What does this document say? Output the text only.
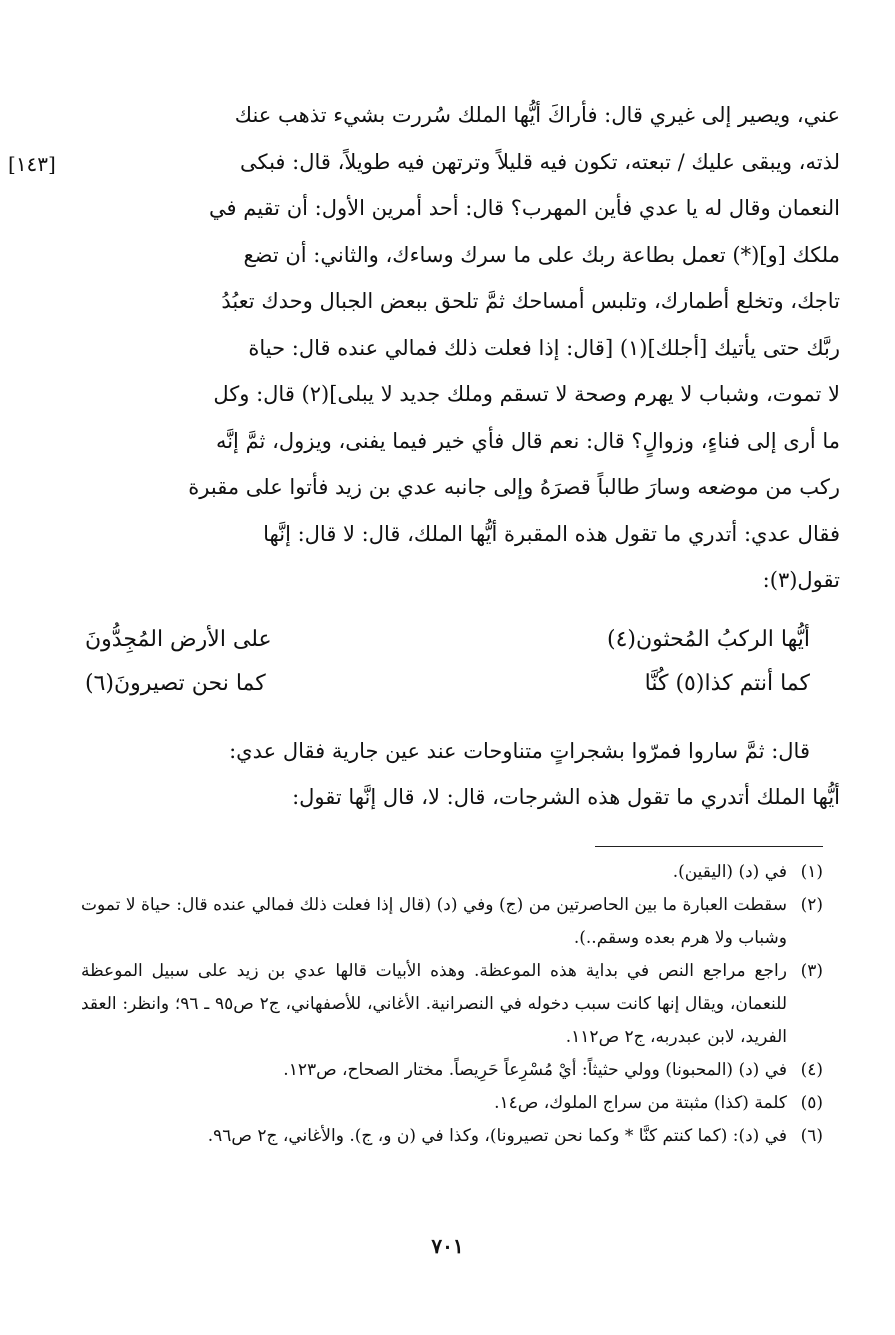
[١٤٣]

عني، ويصير إلى غيري قال: فأراكَ أيُّها الملك سُررت بشيء تذهب عنك

لذته، ويبقى عليك / تبعته، تكون فيه قليلاً وترتهن فيه طويلاً، قال: فبكى

النعمان وقال له يا عدي فأين المهرب؟ قال: أحد أمرين الأول: أن تقيم في

ملكك [و](*) تعمل بطاعة ربك على ما سرك وساءك، والثاني: أن تضع

تاجك، وتخلع أطمارك، وتلبس أمساحك ثمَّ تلحق ببعض الجبال وحدك تعبُدُ

ربَّك حتى يأتيك [أجلك](١) [قال: إذا فعلت ذلك فمالي عنده قال: حياة

لا تموت، وشباب لا يهرم وصحة لا تسقم وملك جديد لا يبلى](٢) قال: وكل

ما أرى إلى فناءٍ، وزوالٍ؟ قال: نعم قال فأي خير فيما يفنى، ويزول، ثمَّ إنَّه

ركب من موضعه وسارَ طالباً قصرَهُ وإلى جانبه عدي بن زيد فأتوا على مقبرة

فقال عدي: أتدري ما تقول هذه المقبرة أيُّها الملك، قال: لا قال: إنَّها

تقول(٣):

أيُّها الركبُ المُحثون(٤)
على الأرض المُجِدُّونَ
كما أنتم كذا(٥) كُنَّا
كما نحن تصيرونَ(٦)

قال: ثمَّ ساروا فمرّوا بشجراتٍ متناوحات عند عين جارية فقال عدي:

أيُّها الملك أتدري ما تقول هذه الشرجات، قال: لا، قال إنَّها تقول:

(١)
في (د) (اليقين).
(٢)
سقطت العبارة ما بين الحاصرتين من (ج) وفي (د) (قال إذا فعلت ذلك فمالي عنده قال: حياة لا تموت وشباب ولا هرم بعده وسقم..).
(٣)
راجع مراجع النص في بداية هذه الموعظة. وهذه الأبيات قالها عدي بن زيد على سبيل الموعظة للنعمان، ويقال إنها كانت سبب دخوله في النصرانية. الأغاني، للأصفهاني، ج٢ ص٩٥ ـ ٩٦؛ وانظر: العقد الفريد، لابن عبدربه، ج٢ ص١١٢.
(٤)
في (د) (المحبونا) وولي حثيثاً: أيْ مُسْرِعاً حَرِيصاً. مختار الصحاح، ص١٢٣.
(٥)
كلمة (كذا) مثبتة من سراج الملوك، ص١٤.
(٦)
في (د): (كما كنتم كنَّا * وكما نحن تصيرونا)، وكذا في (ن و، ج). والأغاني، ج٢ ص٩٦.
٧٠١
